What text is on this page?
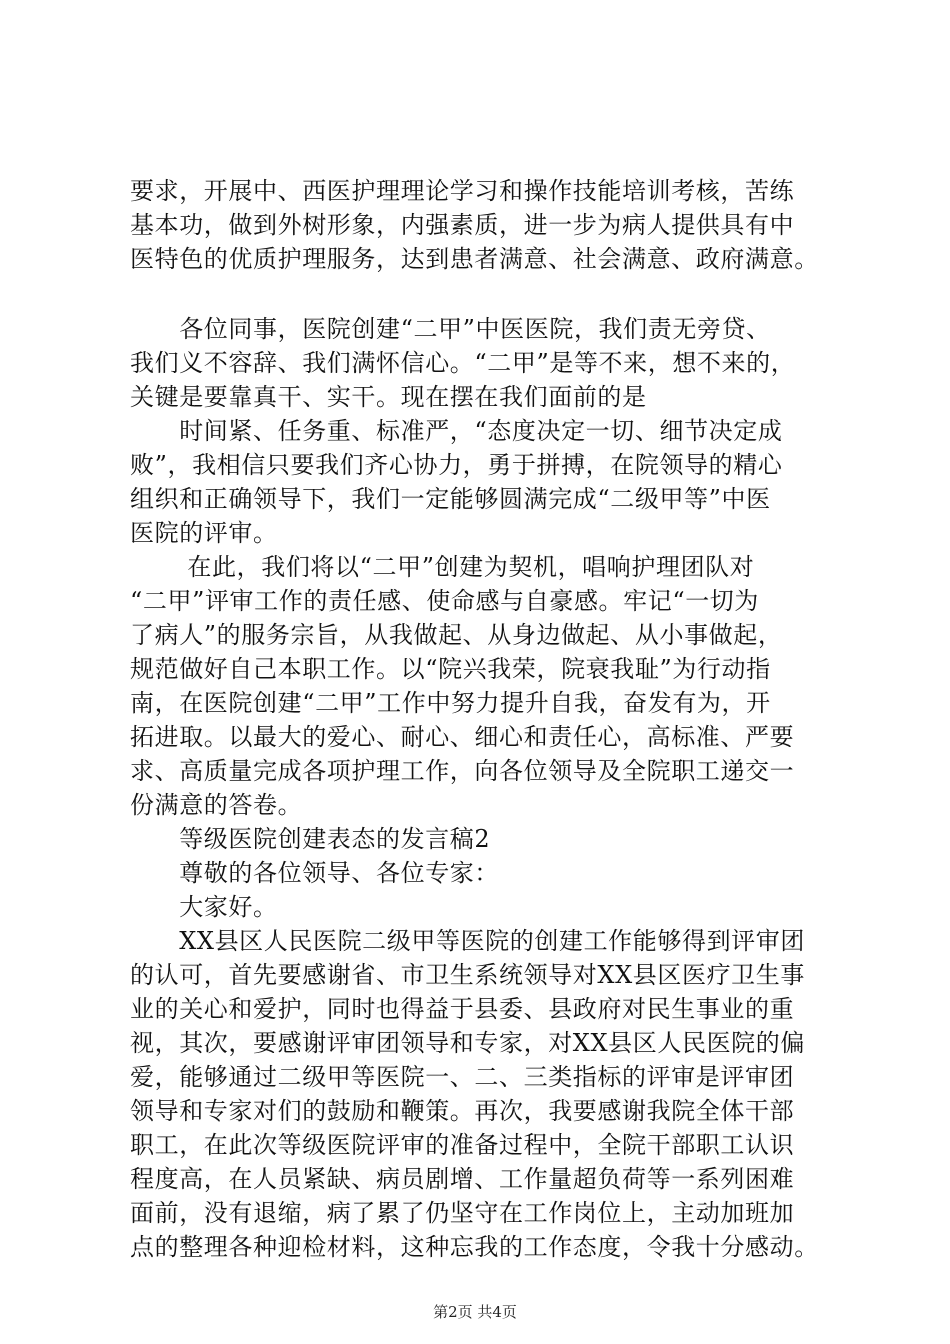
要求，开展中、西医护理理论学习和操作技能培训考核，苦练
基本功，做到外树形象，内强素质，进一步为病人提供具有中
医特色的优质护理服务，达到患者满意、社会满意、政府满意。
　　各位同事，医院创建“二甲”中医医院，我们责无旁贷、
我们义不容辞、我们满怀信心。“二甲”是等不来，想不来的，
关键是要靠真干、实干。现在摆在我们面前的是
　　时间紧、任务重、标准严，“态度决定一切、细节决定成
败”，我相信只要我们齐心协力，勇于拼搏，在院领导的精心
组织和正确领导下，我们一定能够圆满完成“二级甲等”中医
医院的评审。
　　 在此，我们将以“二甲”创建为契机，唱响护理团队对
“二甲”评审工作的责任感、使命感与自豪感。牢记“一切为
了病人”的服务宗旨，从我做起、从身边做起、从小事做起，
规范做好自己本职工作。以“院兴我荣，院衰我耻”为行动指
南，在医院创建“二甲”工作中努力提升自我，奋发有为，开
拓进取。以最大的爱心、耐心、细心和责任心，高标准、严要
求、高质量完成各项护理工作，向各位领导及全院职工递交一
份满意的答卷。
　　等级医院创建表态的发言稿2
　　尊敬的各位领导、各位专家：
　　大家好。
　　XX县区人民医院二级甲等医院的创建工作能够得到评审团
的认可，首先要感谢省、市卫生系统领导对XX县区医疗卫生事
业的关心和爱护，同时也得益于县委、县政府对民生事业的重
视，其次，要感谢评审团领导和专家，对XX县区人民医院的偏
爱，能够通过二级甲等医院一、二、三类指标的评审是评审团
领导和专家对们的鼓励和鞭策。再次，我要感谢我院全体干部
职工，在此次等级医院评审的准备过程中，全院干部职工认识
程度高，在人员紧缺、病员剧增、工作量超负荷等一系列困难
面前，没有退缩，病了累了仍坚守在工作岗位上，主动加班加
点的整理各种迎检材料，这种忘我的工作态度，令我十分感动。
第2页 共4页
